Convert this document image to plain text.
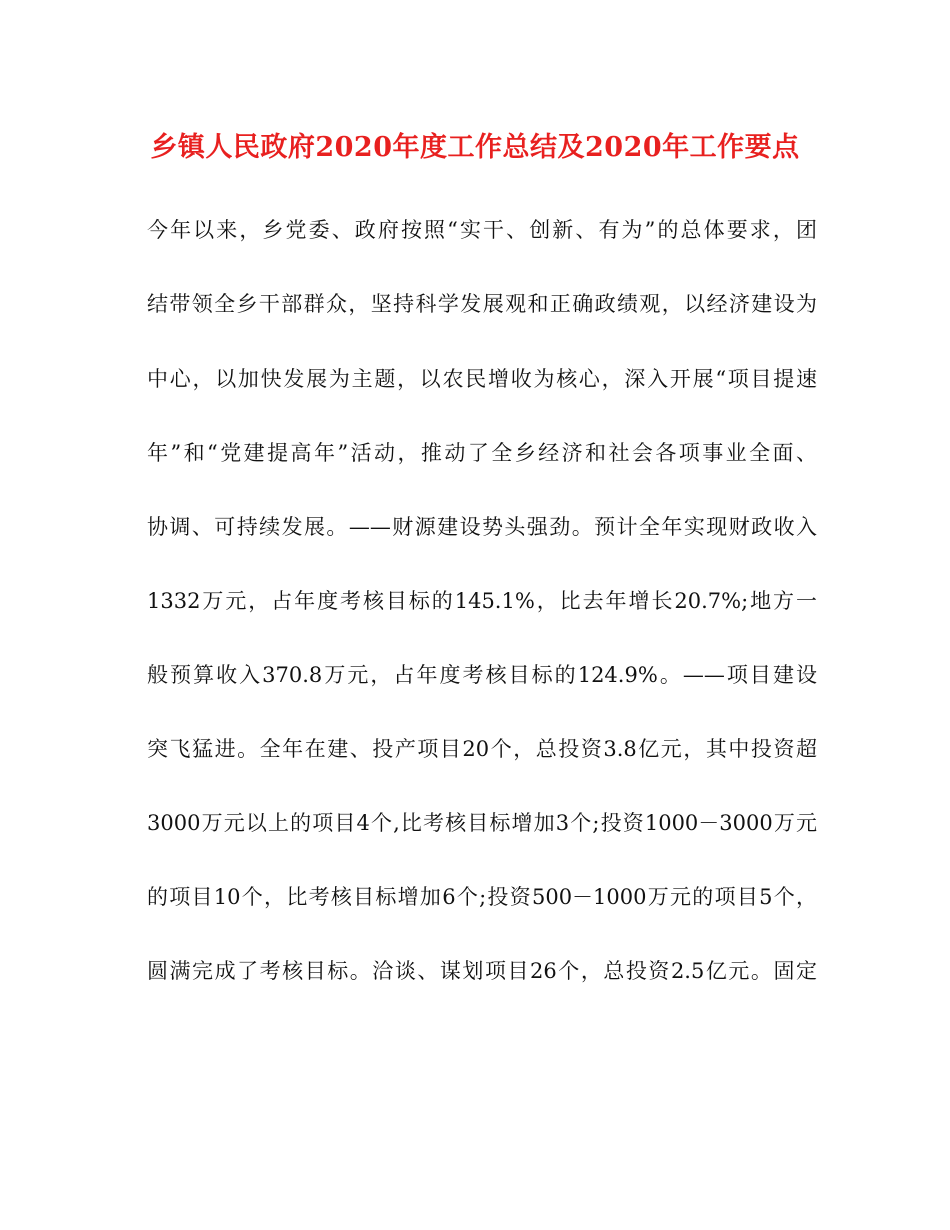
乡镇人民政府2020年度工作总结及2020年工作要点
今年以来，乡党委、政府按照“实干、创新、有为”的总体要求，团
结带领全乡干部群众，坚持科学发展观和正确政绩观，以经济建设为
中心，以加快发展为主题，以农民增收为核心，深入开展“项目提速
年”和“党建提高年”活动，推动了全乡经济和社会各项事业全面、
协调、可持续发展。——财源建设势头强劲。预计全年实现财政收入
1332万元，占年度考核目标的145.1%，比去年增长20.7%;地方一
般预算收入370.8万元，占年度考核目标的124.9%。——项目建设
突飞猛进。全年在建、投产项目20个，总投资3.8亿元，其中投资超
3000万元以上的项目4个,比考核目标增加3个;投资1000－3000万元
的项目10个，比考核目标增加6个;投资500－1000万元的项目5个，
圆满完成了考核目标。洽谈、谋划项目26个，总投资2.5亿元。固定
